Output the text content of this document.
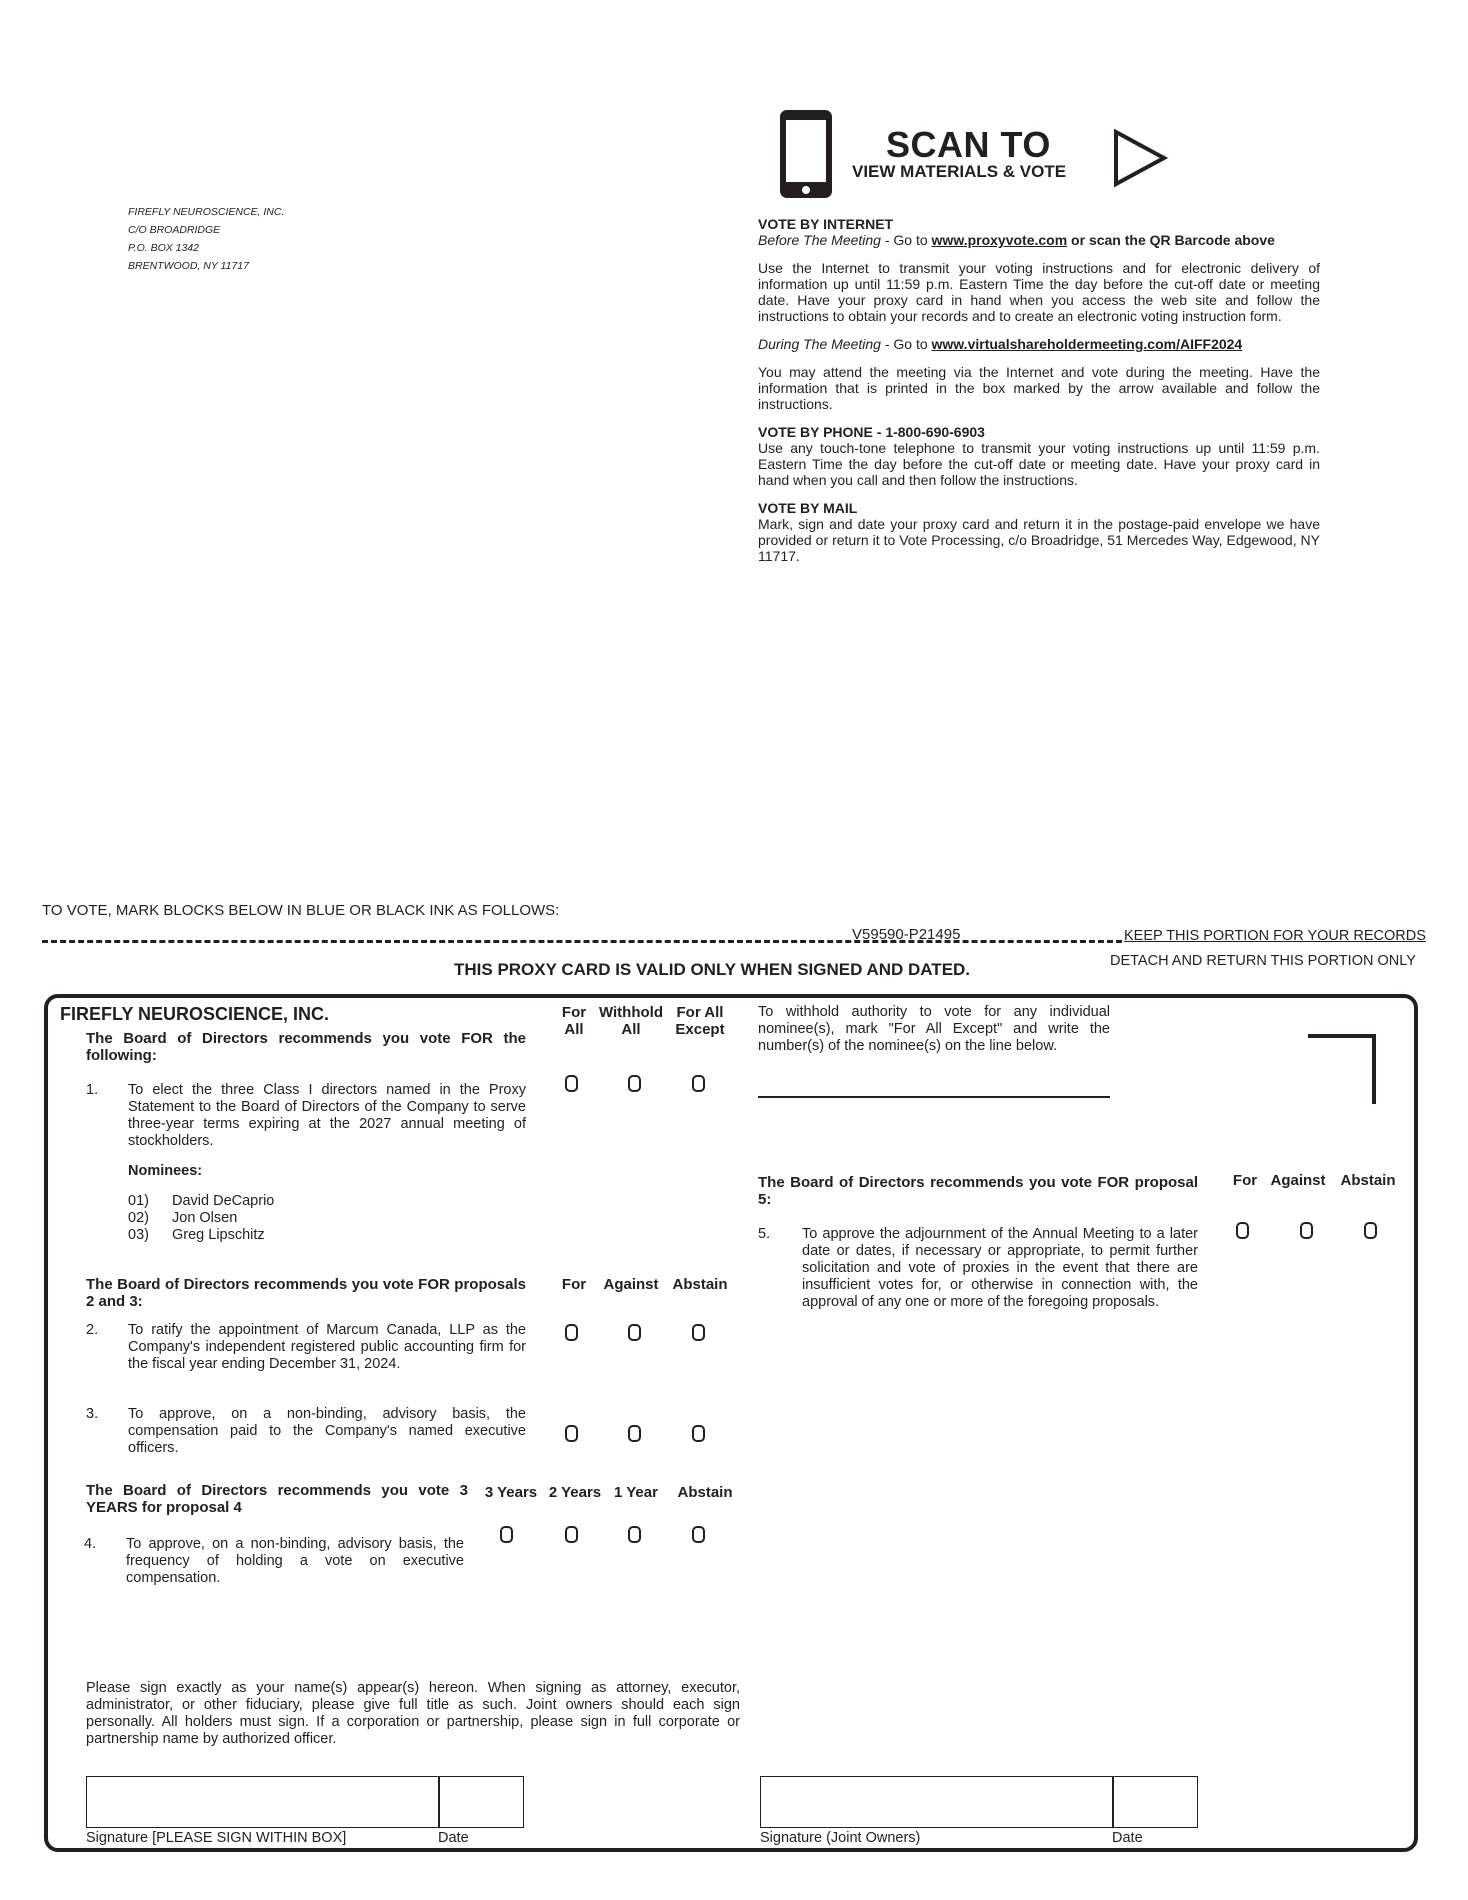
FIREFLY NEUROSCIENCE, INC.
C/O BROADRIDGE
P.O. BOX 1342
BRENTWOOD, NY 11717
SCAN TO
VIEW MATERIALS & VOTE
VOTE BY INTERNET

Before The Meeting - Go to www.proxyvote.com or scan the QR Barcode above

Use the Internet to transmit your voting instructions and for electronic delivery of information up until 11:59 p.m. Eastern Time the day before the cut-off date or meeting date. Have your proxy card in hand when you access the web site and follow the instructions to obtain your records and to create an electronic voting instruction form.

During The Meeting - Go to www.virtualshareholdermeeting.com/AIFF2024

You may attend the meeting via the Internet and vote during the meeting. Have the information that is printed in the box marked by the arrow available and follow the instructions.

VOTE BY PHONE - 1-800-690-6903

Use any touch-tone telephone to transmit your voting instructions up until 11:59 p.m. Eastern Time the day before the cut-off date or meeting date. Have your proxy card in hand when you call and then follow the instructions.

VOTE BY MAIL

Mark, sign and date your proxy card and return it in the postage-paid envelope we have provided or return it to Vote Processing, c/o Broadridge, 51 Mercedes Way, Edgewood, NY 11717.

TO VOTE, MARK BLOCKS BELOW IN BLUE OR BLACK INK AS FOLLOWS:
V59590-P21495	KEEP THIS PORTION FOR YOUR RECORDS
DETACH AND RETURN THIS PORTION ONLY
THIS PROXY CARD IS VALID ONLY WHEN SIGNED AND DATED.
FIREFLY NEUROSCIENCE, INC.
The Board of Directors recommends you vote FOR the following:
For All
Withhold All
For All Except
1. To elect the three Class I directors named in the Proxy Statement to the Board of Directors of the Company to serve three-year terms expiring at the 2027 annual meeting of stockholders.
Nominees:
01) David DeCaprio
02) Jon Olsen
03) Greg Lipschitz
To withhold authority to vote for any individual nominee(s), mark "For All Except" and write the number(s) of the nominee(s) on the line below.
The Board of Directors recommends you vote FOR proposals 2 and 3:
For	Against Abstain
2. To ratify the appointment of Marcum Canada, LLP as the Company's independent registered public accounting firm for the fiscal year ending December 31, 2024.
3. To approve, on a non-binding, advisory basis, the compensation paid to the Company's named executive officers.
The Board of Directors recommends you vote 3 YEARS for proposal 4
3 Years 2 Years 1 Year	Abstain
4. To approve, on a non-binding, advisory basis, the frequency of holding a vote on executive compensation.
The Board of Directors recommends you vote FOR proposal 5:
For Against Abstain
5. To approve the adjournment of the Annual Meeting to a later date or dates, if necessary or appropriate, to permit further solicitation and vote of proxies in the event that there are insufficient votes for, or otherwise in connection with, the approval of any one or more of the foregoing proposals.
Please sign exactly as your name(s) appear(s) hereon. When signing as attorney, executor, administrator, or other fiduciary, please give full title as such. Joint owners should each sign personally. All holders must sign. If a corporation or partnership, please sign in full corporate or partnership name by authorized officer.
Signature [PLEASE SIGN WITHIN BOX]	Date	Signature (Joint Owners)	Date
